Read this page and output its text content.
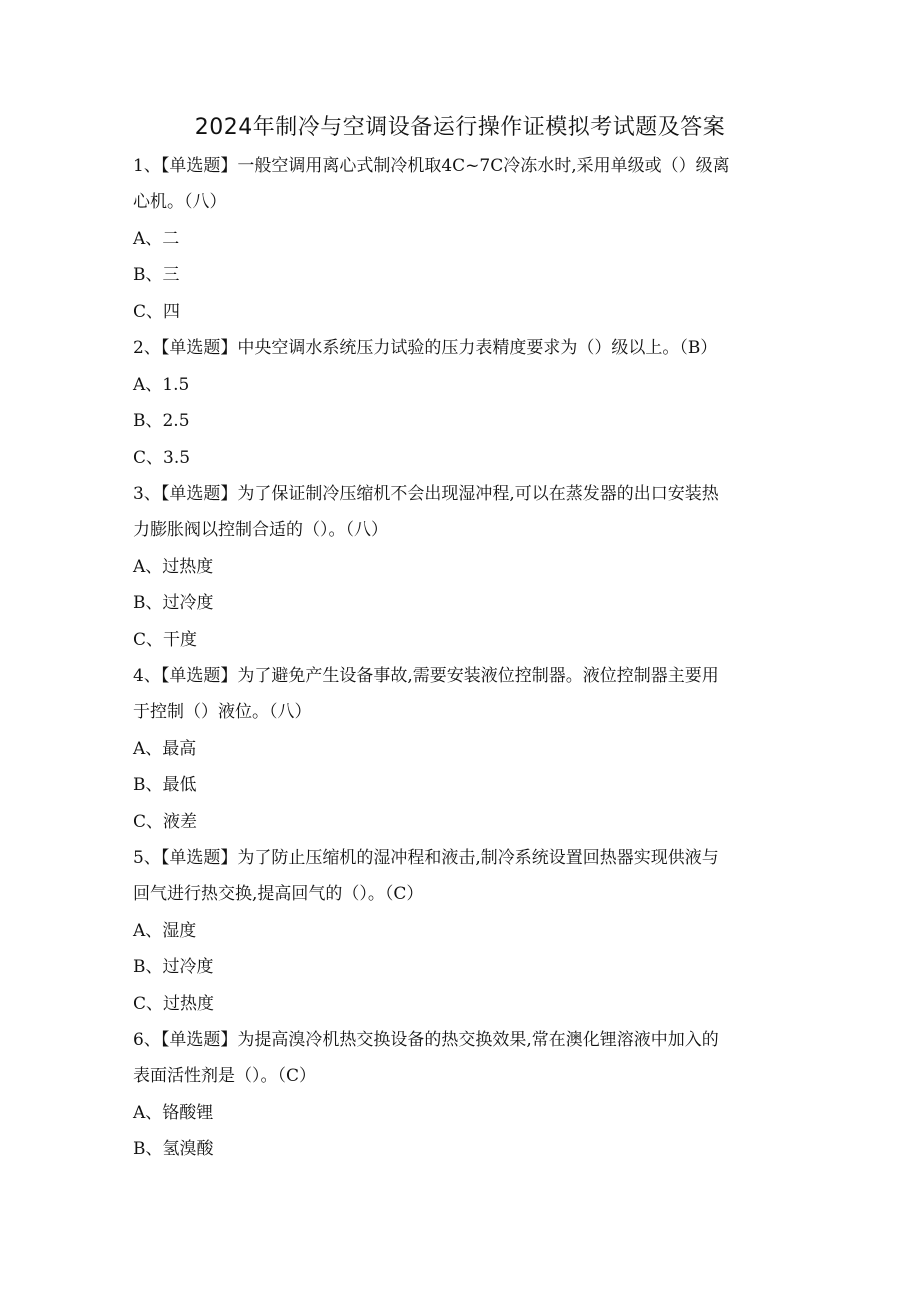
2024年制冷与空调设备运行操作证模拟考试题及答案
1、【单选题】一般空调用离心式制冷机取4C~7C冷冻水时,采用单级或（）级离
心机。（八）
A、二
B、三
C、四
2、【单选题】中央空调水系统压力试验的压力表精度要求为（）级以上。（B）
A、1.5
B、2.5
C、3.5
3、【单选题】为了保证制冷压缩机不会出现湿冲程,可以在蒸发器的出口安装热
力膨胀阀以控制合适的（）。（八）
A、过热度
B、过冷度
C、干度
4、【单选题】为了避免产生设备事故,需要安装液位控制器。液位控制器主要用
于控制（）液位。（八）
A、最高
B、最低
C、液差
5、【单选题】为了防止压缩机的湿冲程和液击,制冷系统设置回热器实现供液与
回气进行热交换,提高回气的（）。（C）
A、湿度
B、过冷度
C、过热度
6、【单选题】为提高溴冷机热交换设备的热交换效果,常在澳化锂溶液中加入的
表面活性剂是（）。（C）
A、铬酸锂
B、氢溴酸
